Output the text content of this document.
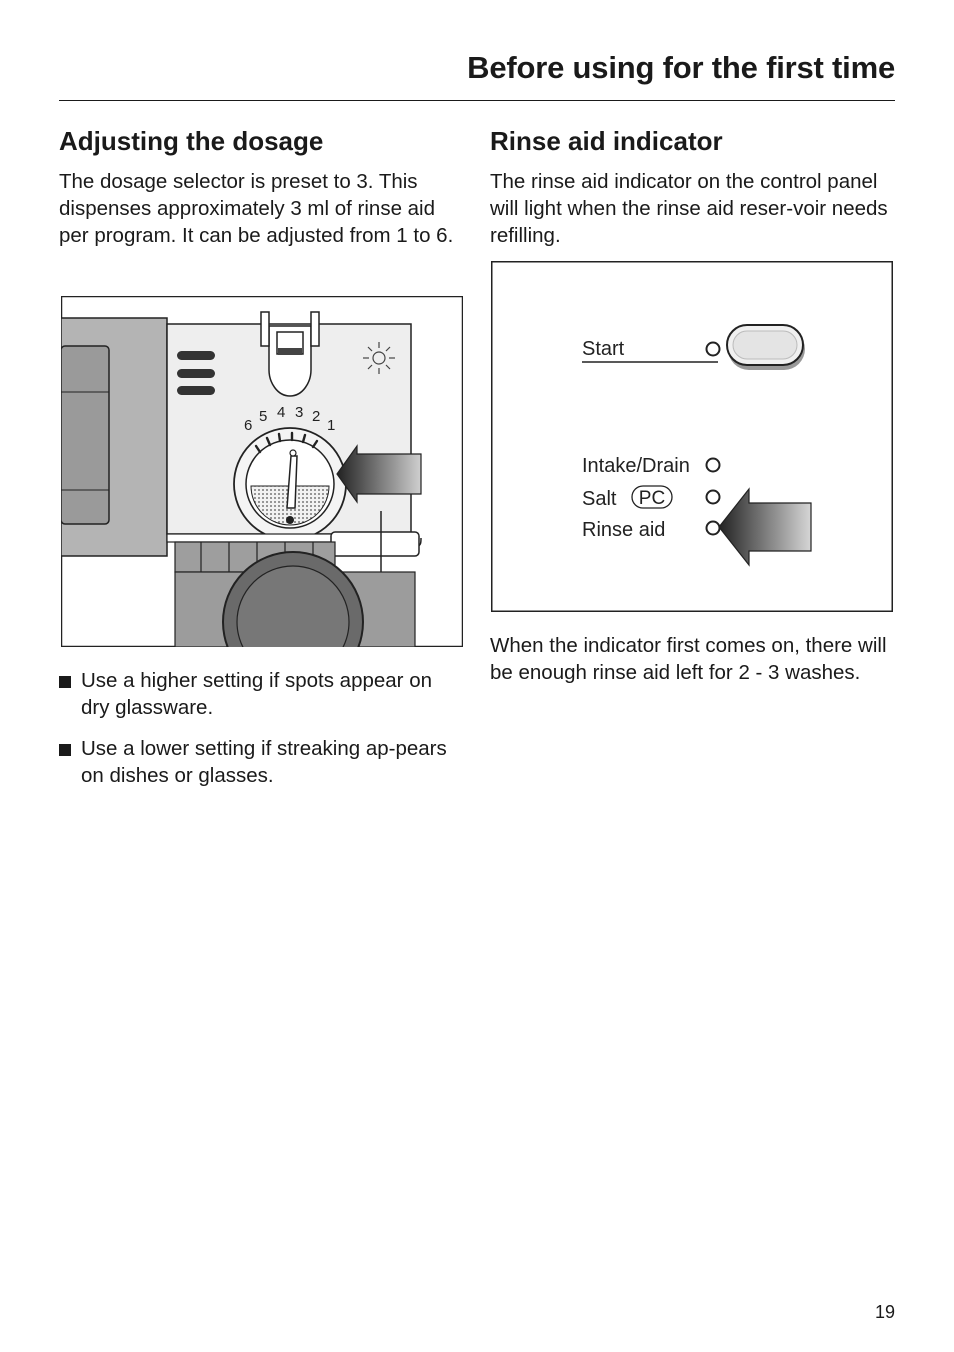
Before using for the first time
Adjusting the dosage

The dosage selector is preset to 3. This dispenses approximately 3 ml of rinse aid per program. It can be adjusted from 1 to 6.

6
5 4 3 2
1
Use a higher setting if spots appear on dry glassware.
Use a lower setting if streaking ap-pears on dishes or glasses.
Rinse aid indicator

The rinse aid indicator on the control panel will light when the rinse aid reser-voir needs refilling.

Start
Intake/Drain
Salt
Rinse aid
PC

When the indicator first comes on, there will be enough rinse aid left for 2 - 3 washes.

19
